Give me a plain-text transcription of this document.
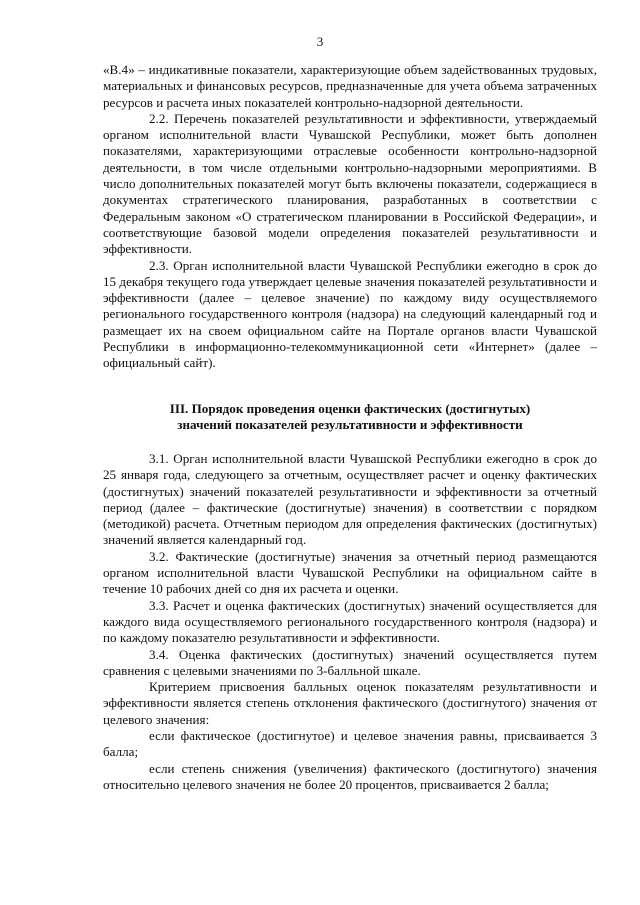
3

«В.4» – индикативные показатели, характеризующие объем задействованных трудовых, материальных и финансовых ресурсов, предназначенные для учета объема затраченных ресурсов и расчета иных показателей контрольно-надзорной деятельности.

2.2. Перечень показателей результативности и эффективности, утверждаемый органом исполнительной власти Чувашской Республики, может быть дополнен показателями, характеризующими отраслевые особенности контрольно-надзорной деятельности, в том числе отдельными контрольно-надзорными мероприятиями. В число дополнительных показателей могут быть включены показатели, содержащиеся в документах стратегического планирования, разработанных в соответствии с Федеральным законом «О стратегическом планировании в Российской Федерации», и соответствующие базовой модели определения показателей результативности и эффективности.

2.3. Орган исполнительной власти Чувашской Республики ежегодно в срок до 15 декабря текущего года утверждает целевые значения показателей результативности и эффективности (далее – целевое значение) по каждому виду осуществляемого регионального государственного контроля (надзора) на следующий календарный год и размещает их на своем официальном сайте на Портале органов власти Чувашской Республики в информационно-телекоммуникационной сети «Интернет» (далее – официальный сайт).

III. Порядок проведения оценки фактических (достигнутых)
значений показателей результативности и эффективности

3.1. Орган исполнительной власти Чувашской Республики ежегодно в срок до 25 января года, следующего за отчетным, осуществляет расчет и оценку фактических (достигнутых) значений показателей результативности и эффективности за отчетный период (далее – фактические (достигнутые) значения) в соответствии с порядком (методикой) расчета. Отчетным периодом для определения фактических (достигнутых) значений является календарный год.

3.2. Фактические (достигнутые) значения за отчетный период размещаются органом исполнительной власти Чувашской Республики на официальном сайте в течение 10 рабочих дней со дня их расчета и оценки.

3.3. Расчет и оценка фактических (достигнутых) значений осуществляется для каждого вида осуществляемого регионального государственного контроля (надзора) и по каждому показателю результативности и эффективности.

3.4. Оценка фактических (достигнутых) значений осуществляется путем сравнения с целевыми значениями по 3-балльной шкале.

Критерием присвоения балльных оценок показателям результативности и эффективности является степень отклонения фактического (достигнутого) значения от целевого значения:

если фактическое (достигнутое) и целевое значения равны, присваивается 3 балла;

если степень снижения (увеличения) фактического (достигнутого) значения относительно целевого значения не более 20 процентов, присваивается 2 балла;
